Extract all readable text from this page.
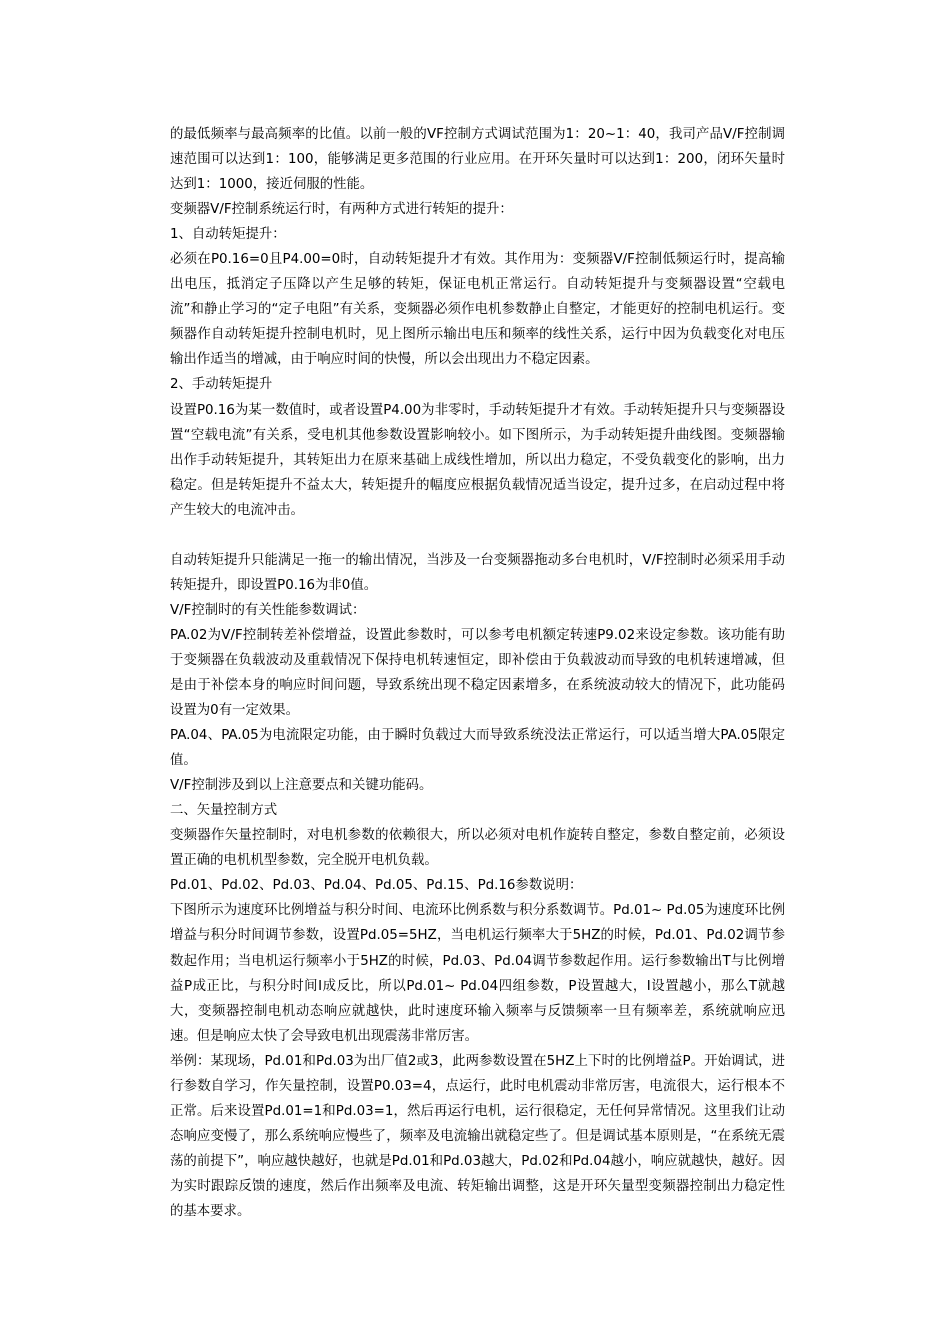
的最低频率与最高频率的比值。以前一般的VF控制方式调试范围为1：20~1：40，我司产品V/F控制调速范围可以达到1：100，能够满足更多范围的行业应用。在开环矢量时可以达到1：200，闭环矢量时达到1：1000，接近伺服的性能。

变频器V/F控制系统运行时，有两种方式进行转矩的提升：

1、自动转矩提升：

必须在P0.16=0且P4.00=0时，自动转矩提升才有效。其作用为：变频器V/F控制低频运行时，提高输出电压，抵消定子压降以产生足够的转矩，保证电机正常运行。自动转矩提升与变频器设置“空载电流”和静止学习的“定子电阻”有关系，变频器必须作电机参数静止自整定，才能更好的控制电机运行。变频器作自动转矩提升控制电机时，见上图所示输出电压和频率的线性关系，运行中因为负载变化对电压输出作适当的增减，由于响应时间的快慢，所以会出现出力不稳定因素。

2、手动转矩提升

设置P0.16为某一数值时，或者设置P4.00为非零时，手动转矩提升才有效。手动转矩提升只与变频器设置“空载电流”有关系，受电机其他参数设置影响较小。如下图所示，为手动转矩提升曲线图。变频器输出作手动转矩提升，其转矩出力在原来基础上成线性增加，所以出力稳定，不受负载变化的影响，出力稳定。但是转矩提升不益太大，转矩提升的幅度应根据负载情况适当设定，提升过多，在启动过程中将产生较大的电流冲击。

自动转矩提升只能满足一拖一的输出情况，当涉及一台变频器拖动多台电机时，V/F控制时必须采用手动转矩提升，即设置P0.16为非0值。

V/F控制时的有关性能参数调试：

PA.02为V/F控制转差补偿增益，设置此参数时，可以参考电机额定转速P9.02来设定参数。该功能有助于变频器在负载波动及重载情况下保持电机转速恒定，即补偿由于负载波动而导致的电机转速增减，但是由于补偿本身的响应时间问题，导致系统出现不稳定因素增多，在系统波动较大的情况下，此功能码设置为0有一定效果。

PA.04、PA.05为电流限定功能，由于瞬时负载过大而导致系统没法正常运行，可以适当增大PA.05限定值。

V/F控制涉及到以上注意要点和关键功能码。

二、矢量控制方式

变频器作矢量控制时，对电机参数的依赖很大，所以必须对电机作旋转自整定，参数自整定前，必须设置正确的电机机型参数，完全脱开电机负载。

Pd.01、Pd.02、Pd.03、Pd.04、Pd.05、Pd.15、Pd.16参数说明：

下图所示为速度环比例增益与积分时间、电流环比例系数与积分系数调节。Pd.01~ Pd.05为速度环比例增益与积分时间调节参数，设置Pd.05=5HZ，当电机运行频率大于5HZ的时候，Pd.01、Pd.02调节参数起作用；当电机运行频率小于5HZ的时候，Pd.03、Pd.04调节参数起作用。运行参数输出T与比例增益P成正比，与积分时间I成反比，所以Pd.01~ Pd.04四组参数，P设置越大，I设置越小，那么T就越大，变频器控制电机动态响应就越快，此时速度环输入频率与反馈频率一旦有频率差，系统就响应迅速。但是响应太快了会导致电机出现震荡非常厉害。

举例：某现场，Pd.01和Pd.03为出厂值2或3，此两参数设置在5HZ上下时的比例增益P。开始调试，进行参数自学习，作矢量控制，设置P0.03=4，点运行，此时电机震动非常厉害，电流很大，运行根本不正常。后来设置Pd.01=1和Pd.03=1，然后再运行电机，运行很稳定，无任何异常情况。这里我们让动态响应变慢了，那么系统响应慢些了，频率及电流输出就稳定些了。但是调试基本原则是，“在系统无震荡的前提下”，响应越快越好，也就是Pd.01和Pd.03越大，Pd.02和Pd.04越小，响应就越快，越好。因为实时跟踪反馈的速度，然后作出频率及电流、转矩输出调整，这是开环矢量型变频器控制出力稳定性的基本要求。
